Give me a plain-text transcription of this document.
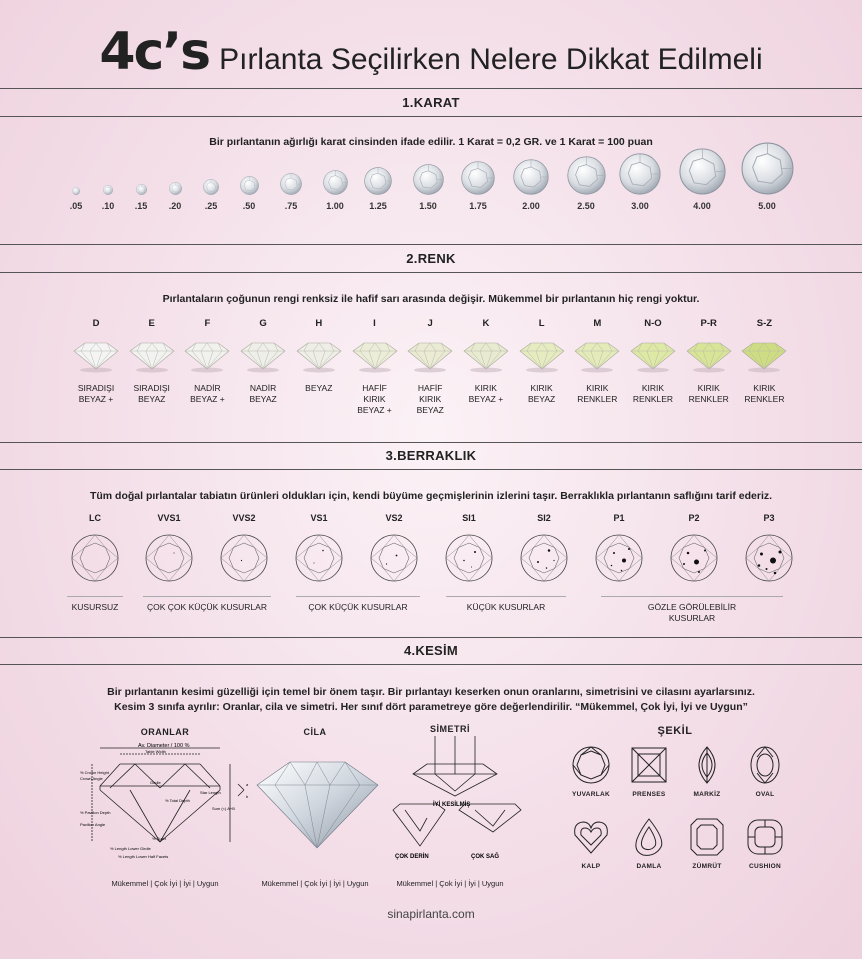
4c’s Pırlanta Seçilirken Nelere Dikkat Edilmeli
1.KARAT
Bir pırlantanın ağırlığı karat cinsinden ifade edilir. 1 Karat = 0,2 GR. ve 1 Karat = 100 puan
.05	.10	.15	.20	.25	.50	.75	1.00	1.25	1.50	1.75	2.00	2.50	3.00	4.00	5.00
2.RENK
Pırlantaların çoğunun rengi renksiz ile hafif sarı arasında değişir. Mükemmel bir pırlantanın hiç rengi yoktur.
D
SIRADIŞI
BEYAZ +
E
SIRADIŞI
BEYAZ
F
NADİR
BEYAZ +
G
NADİR
BEYAZ
H
BEYAZ
I
HAFİF
KIRIK
BEYAZ +
J
HAFİF
KIRIK
BEYAZ
K
KIRIK
BEYAZ +
L
KIRIK
BEYAZ
M
KIRIK
RENKLER
N-O
KIRIK
RENKLER
P-R
KIRIK
RENKLER
S-Z
KIRIK
RENKLER
3.BERRAKLIK
Tüm doğal pırlantalar tabiatın ürünleri oldukları için, kendi büyüme geçmişlerinin izlerini taşır. Berraklıkla pırlantanın saflığını tarif ederiz.
LC	VVS1	VVS2	VS1	VS2	SI1	SI2	P1	P2	P3
KUSURSUZ	ÇOK ÇOK KÜÇÜK KUSURLAR	ÇOK KÜÇÜK KUSURLAR	KÜÇÜK KUSURLAR	GÖZLE GÖRÜLEBİLİR
KUSURLAR
4.KESİM
Bir pırlantanın kesimi güzelliği için temel bir önem taşır. Bir pırlantayı keserken onun oranlarını, simetrisini ve cilasını ayarlarsınız.
Kesim 3 sınıfa ayrılır: Oranlar, cila ve simetri. Her sınıf dört parametreye göre değerlendirilir. “Mükemmel, Çok İyi, İyi ve Uygun”
ORANLAR
Av. Diameter / 100 %
Table Width
% Crown Height
Crown Angle
Girdle
% Total Depth
% Pavilion Depth
Pavilion Angle
% Culet
Star Length
% Length Lower Girdle
% Length Lower Half Facets
Sum (<) A+B
a
b
Mükemmel | Çok İyi | İyi | Uygun
CİLA
Mükemmel | Çok İyi | İyi | Uygun
SİMETRİ
İYİ KESİLMİŞ
ÇOK DERİN	ÇOK SAĞ
Mükemmel | Çok İyi | İyi | Uygun
ŞEKİL
YUVARLAK	PRENSES	MARKİZ	OVAL
KALP	DAMLA	ZÜMRÜT	CUSHION
sinapirlanta.com
